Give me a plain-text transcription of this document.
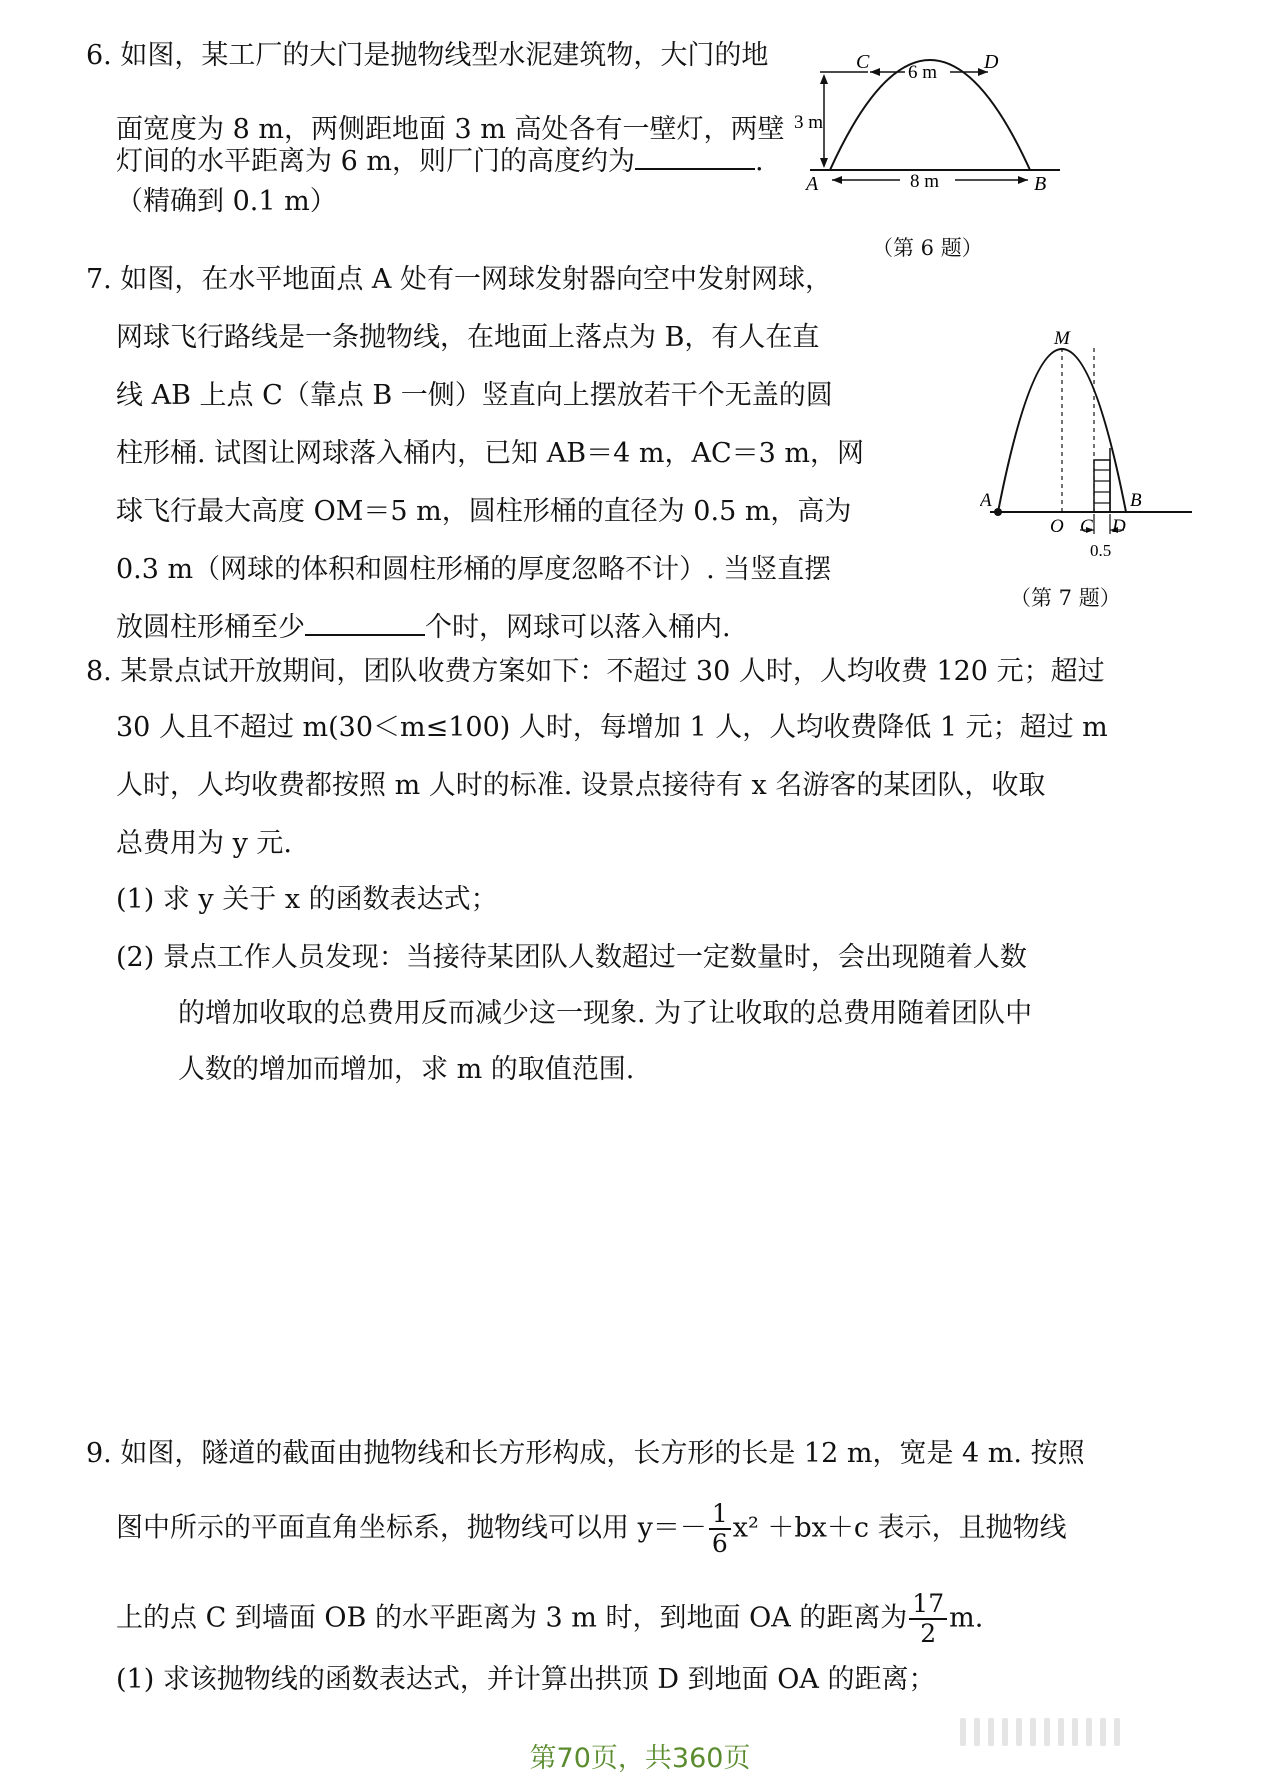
6. 如图，某工厂的大门是抛物线型水泥建筑物，大门的地
面宽度为 8 m，两侧距地面 3 m 高处各有一壁灯，两壁
灯间的水平距离为 6 m，则厂门的高度约为	.
（精确到 0.1 m）
C	D
6 m
3 m
A	B
8 m
（第 6 题）
7. 如图，在水平地面点 A 处有一网球发射器向空中发射网球，
网球飞行路线是一条抛物线，在地面上落点为 B，有人在直
线 AB 上点 C（靠点 B 一侧）竖直向上摆放若干个无盖的圆
柱形桶. 试图让网球落入桶内，已知 AB＝4 m，AC＝3 m，网
球飞行最大高度 OM＝5 m，圆柱形桶的直径为 0.5 m，高为
0.3 m（网球的体积和圆柱形桶的厚度忽略不计）. 当竖直摆
放圆柱形桶至少	个时，网球可以落入桶内.
M
A	B
O C D
0.5
（第 7 题）
8. 某景点试开放期间，团队收费方案如下：不超过 30 人时，人均收费 120 元；超过
30 人且不超过 m(30＜m≤100) 人时，每增加 1 人，人均收费降低 1 元；超过 m
人时，人均收费都按照 m 人时的标准. 设景点接待有 x 名游客的某团队，收取
总费用为 y 元.
(1) 求 y 关于 x 的函数表达式；
(2) 景点工作人员发现：当接待某团队人数超过一定数量时，会出现随着人数
的增加收取的总费用反而减少这一现象. 为了让收取的总费用随着团队中
人数的增加而增加，求 m 的取值范围.
9. 如图，隧道的截面由抛物线和长方形构成，长方形的长是 12 m，宽是 4 m. 按照
图中所示的平面直角坐标系，抛物线可以用 $y=- \frac{1}{6} x^2 +bx+c$ 表示，且抛物线
上的点 C 到墙面 OB 的水平距离为 3 m 时，到地面 OA 的距离为 $\frac{17}{2} m$.
(1) 求该抛物线的函数表达式，并计算出拱顶 D 到地面 OA 的距离；
第70页，共360页
